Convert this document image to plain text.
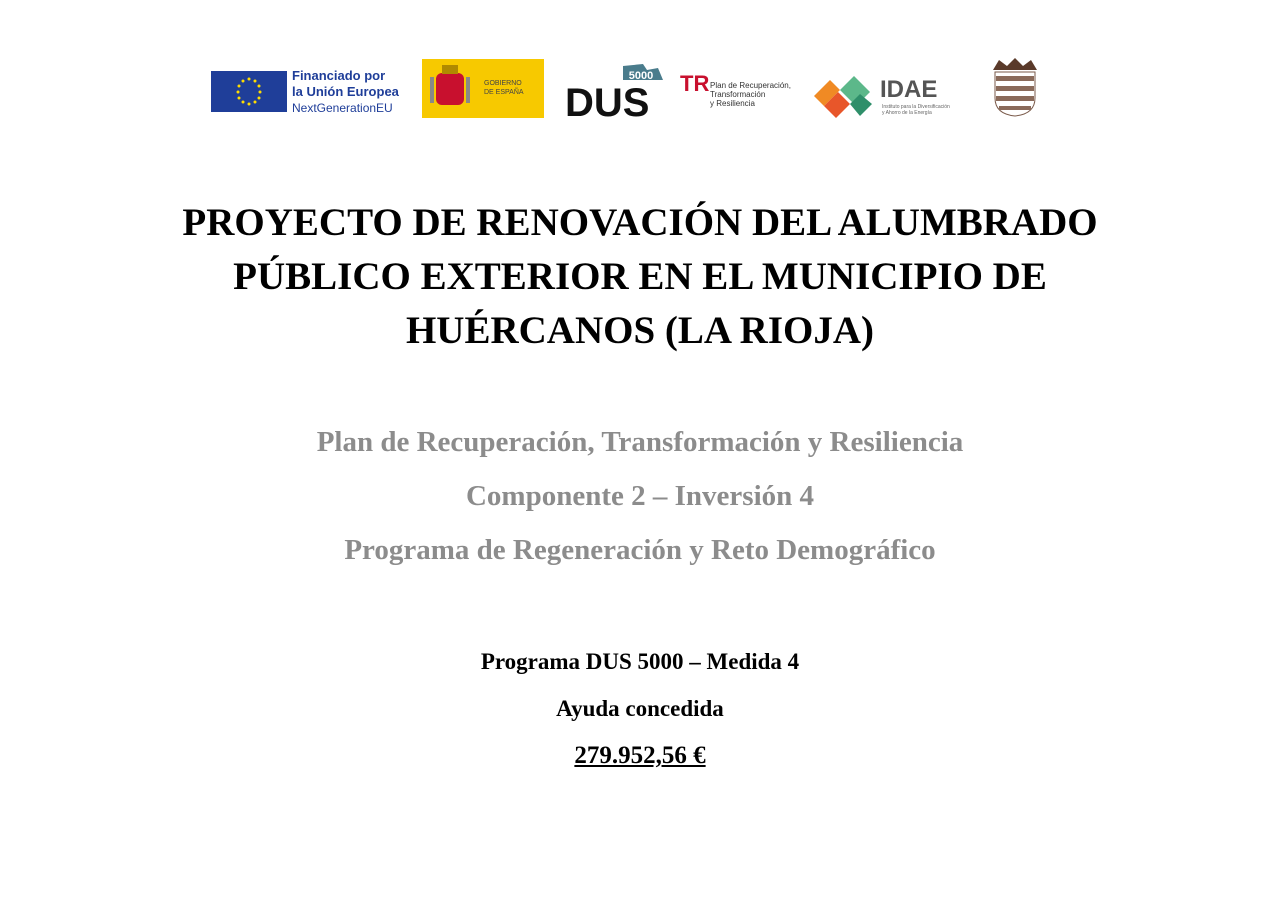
Financiado por
la Unión Europea
NextGenerationEU
GOBIERNO
DE ESPAÑA
5000
DUS TR Plan de Recuperación,
Transformación
y Resiliencia
IDAE
Instituto para la Diversificación
y Ahorro de la Energía
PROYECTO DE RENOVACIÓN DEL ALUMBRADO
PÚBLICO EXTERIOR EN EL MUNICIPIO DE
HUÉRCANOS (LA RIOJA)
Plan de Recuperación, Transformación y Resiliencia
Componente 2 – Inversión 4
Programa de Regeneración y Reto Demográfico
Programa DUS 5000 – Medida 4
Ayuda concedida
279.952,56 €
